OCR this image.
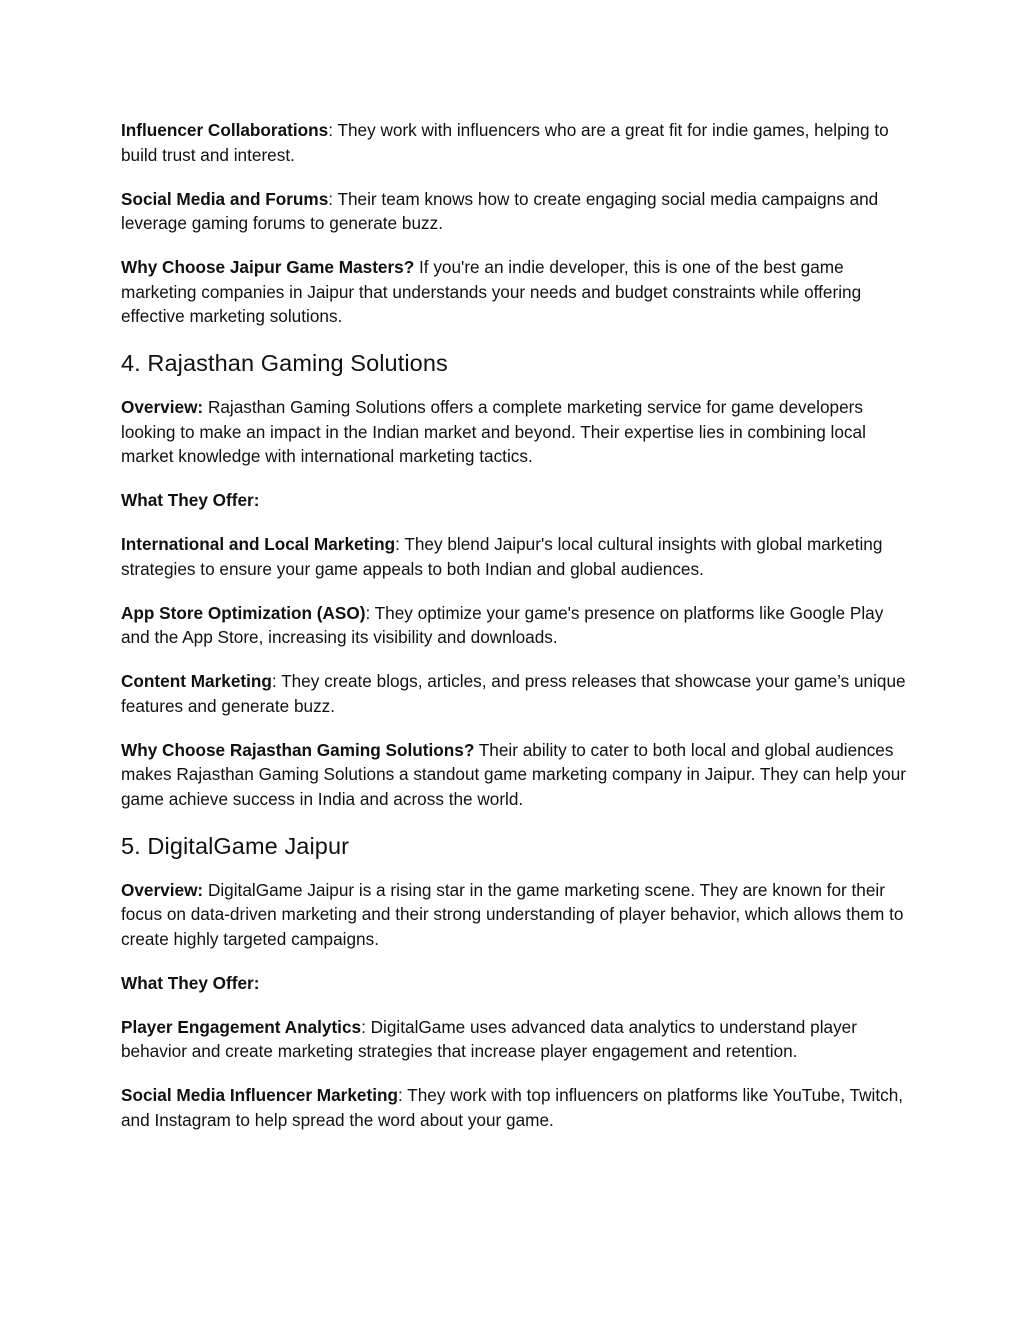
Influencer Collaborations: They work with influencers who are a great fit for indie games, helping to build trust and interest.

Social Media and Forums: Their team knows how to create engaging social media campaigns and leverage gaming forums to generate buzz.

Why Choose Jaipur Game Masters? If you're an indie developer, this is one of the best game marketing companies in Jaipur that understands your needs and budget constraints while offering effective marketing solutions.

4. Rajasthan Gaming Solutions

Overview: Rajasthan Gaming Solutions offers a complete marketing service for game developers looking to make an impact in the Indian market and beyond. Their expertise lies in combining local market knowledge with international marketing tactics.

What They Offer:

International and Local Marketing: They blend Jaipur's local cultural insights with global marketing strategies to ensure your game appeals to both Indian and global audiences.

App Store Optimization (ASO): They optimize your game's presence on platforms like Google Play and the App Store, increasing its visibility and downloads.

Content Marketing: They create blogs, articles, and press releases that showcase your game’s unique features and generate buzz.

Why Choose Rajasthan Gaming Solutions? Their ability to cater to both local and global audiences makes Rajasthan Gaming Solutions a standout game marketing company in Jaipur. They can help your game achieve success in India and across the world.

5. DigitalGame Jaipur

Overview: DigitalGame Jaipur is a rising star in the game marketing scene. They are known for their focus on data-driven marketing and their strong understanding of player behavior, which allows them to create highly targeted campaigns.

What They Offer:

Player Engagement Analytics: DigitalGame uses advanced data analytics to understand player behavior and create marketing strategies that increase player engagement and retention.

Social Media Influencer Marketing: They work with top influencers on platforms like YouTube, Twitch, and Instagram to help spread the word about your game.
